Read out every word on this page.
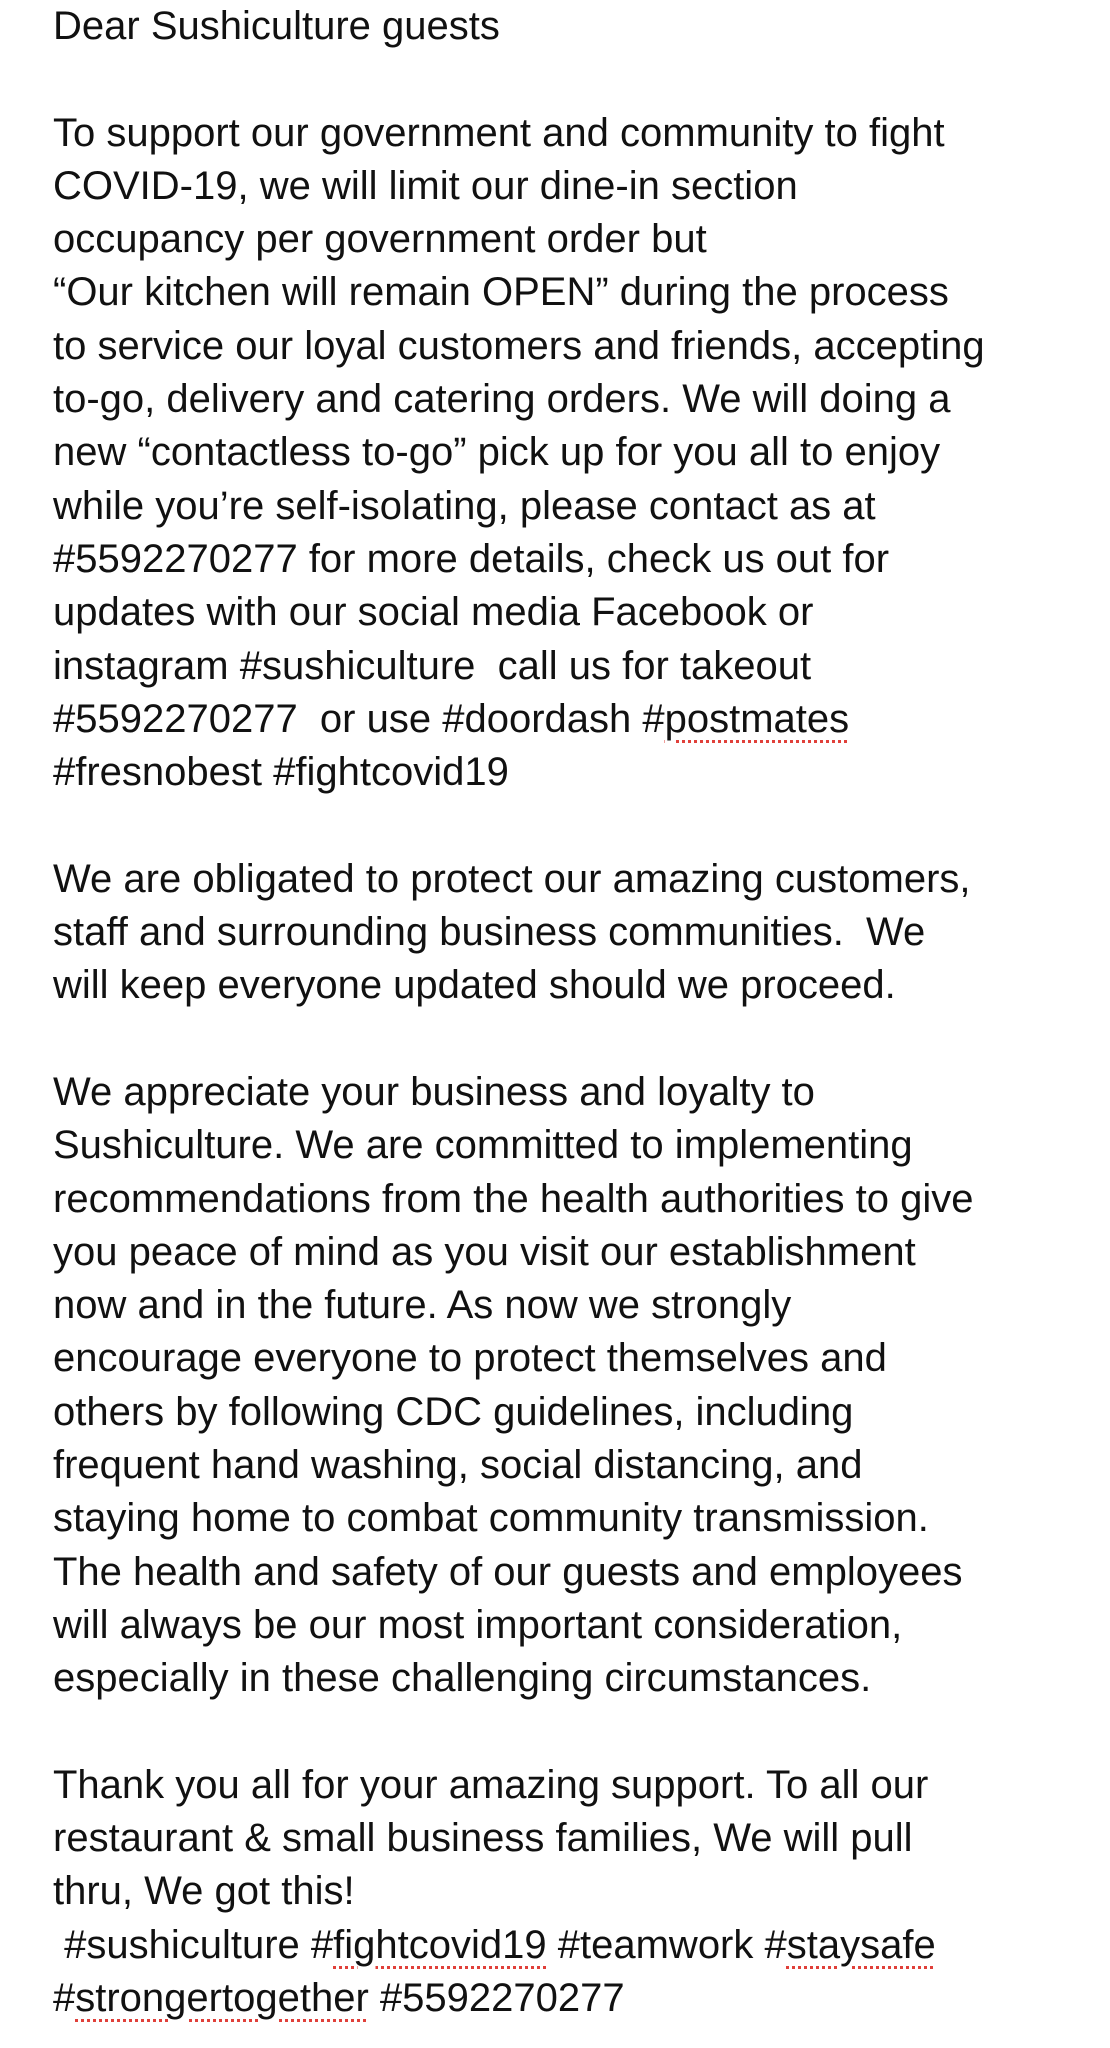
Dear Sushiculture guests
To support our government and community to fight
COVID-19, we will limit our dine-in section
occupancy per government order but
“Our kitchen will remain OPEN” during the process
to service our loyal customers and friends, accepting
to-go, delivery and catering orders. We will doing a
new “contactless to-go” pick up for you all to enjoy
while you’re self-isolating, please contact as at
#5592270277 for more details, check us out for
updates with our social media Facebook or
instagram #sushiculture  call us for takeout
#5592270277  or use #doordash #postmates
#fresnobest #fightcovid19
We are obligated to protect our amazing customers,
staff and surrounding business communities.  We
will keep everyone updated should we proceed.
We appreciate your business and loyalty to
Sushiculture. We are committed to implementing
recommendations from the health authorities to give
you peace of mind as you visit our establishment
now and in the future. As now we strongly
encourage everyone to protect themselves and
others by following CDC guidelines, including
frequent hand washing, social distancing, and
staying home to combat community transmission.
The health and safety of our guests and employees
will always be our most important consideration,
especially in these challenging circumstances.
Thank you all for your amazing support. To all our
restaurant & small business families, We will pull
thru, We got this!
#sushiculture #fightcovid19 #teamwork #staysafe
#strongertogether #5592270277
